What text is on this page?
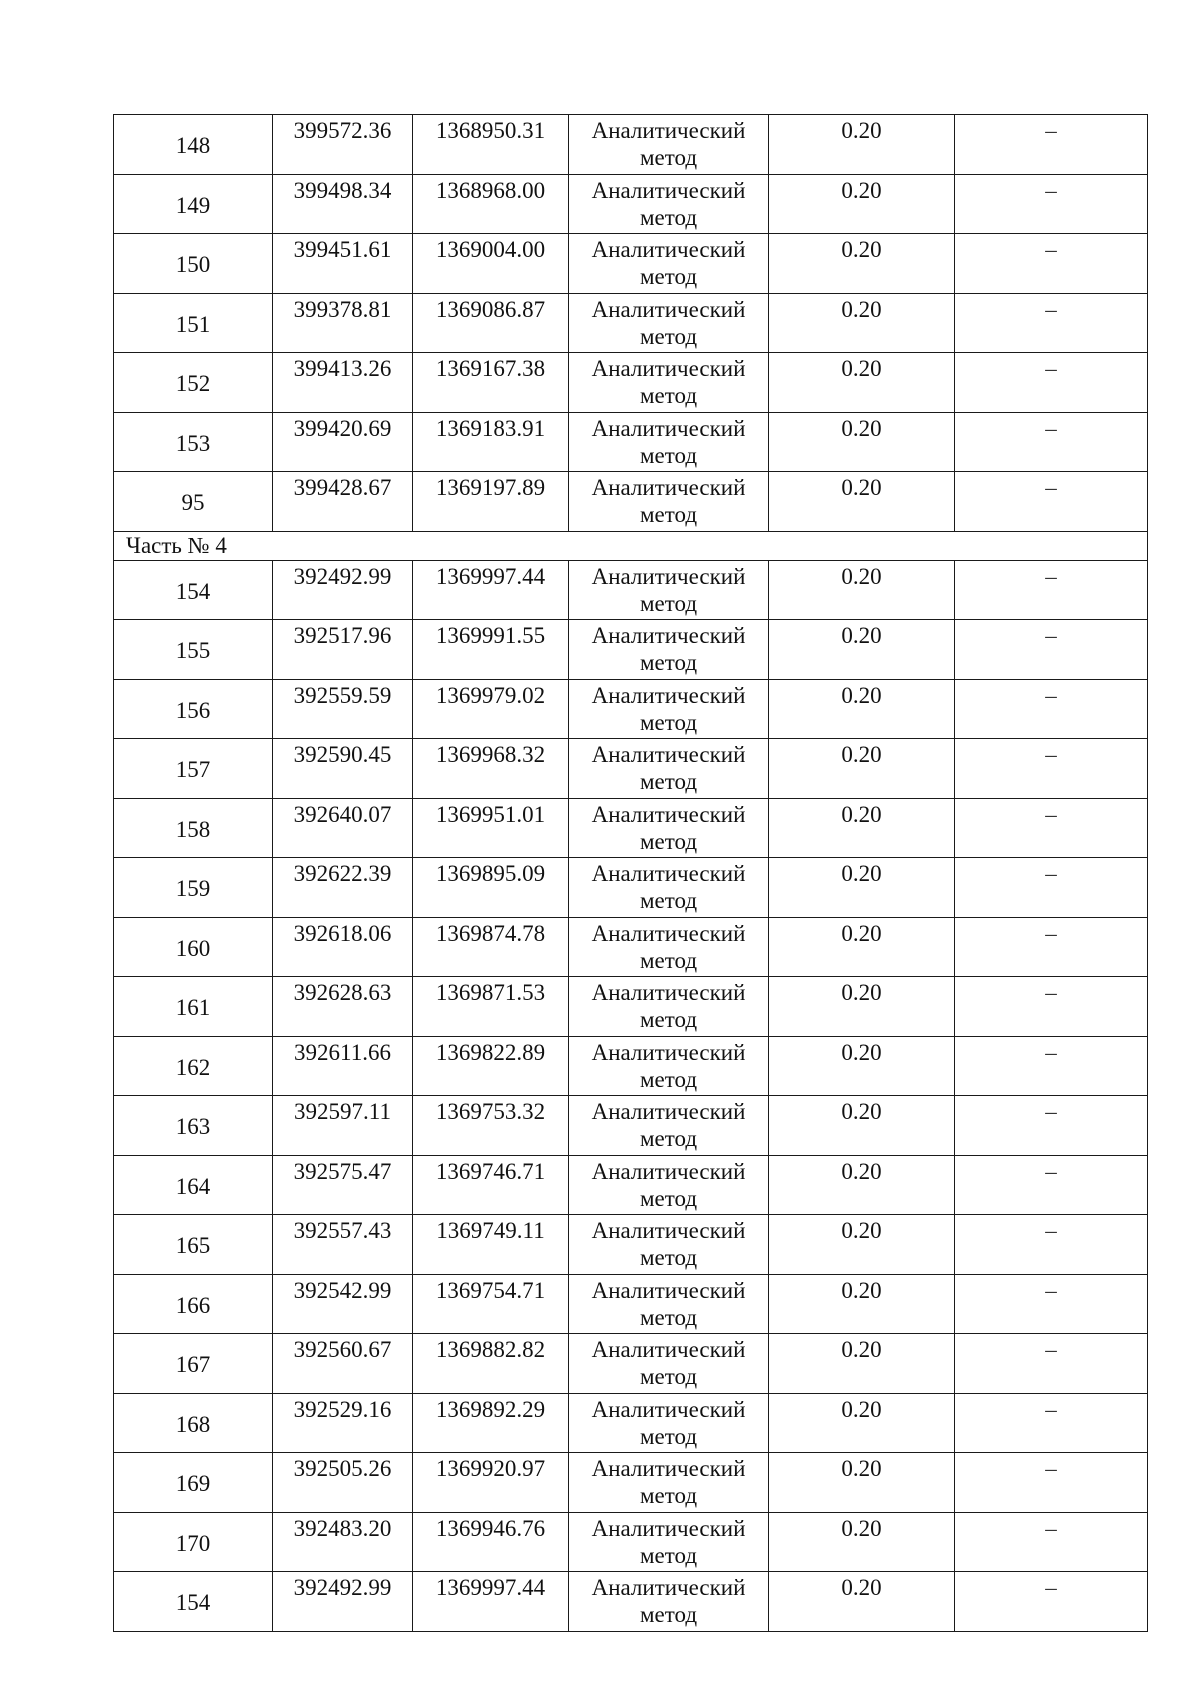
148	399572.36	1368950.31	Аналитический метод	0.20	–
149	399498.34	1368968.00	Аналитический метод	0.20	–
150	399451.61	1369004.00	Аналитический метод	0.20	–
151	399378.81	1369086.87	Аналитический метод	0.20	–
152	399413.26	1369167.38	Аналитический метод	0.20	–
153	399420.69	1369183.91	Аналитический метод	0.20	–
95	399428.67	1369197.89	Аналитический метод	0.20	–
Часть № 4					
154	392492.99	1369997.44	Аналитический метод	0.20	–
155	392517.96	1369991.55	Аналитический метод	0.20	–
156	392559.59	1369979.02	Аналитический метод	0.20	–
157	392590.45	1369968.32	Аналитический метод	0.20	–
158	392640.07	1369951.01	Аналитический метод	0.20	–
159	392622.39	1369895.09	Аналитический метод	0.20	–
160	392618.06	1369874.78	Аналитический метод	0.20	–
161	392628.63	1369871.53	Аналитический метод	0.20	–
162	392611.66	1369822.89	Аналитический метод	0.20	–
163	392597.11	1369753.32	Аналитический метод	0.20	–
164	392575.47	1369746.71	Аналитический метод	0.20	–
165	392557.43	1369749.11	Аналитический метод	0.20	–
166	392542.99	1369754.71	Аналитический метод	0.20	–
167	392560.67	1369882.82	Аналитический метод	0.20	–
168	392529.16	1369892.29	Аналитический метод	0.20	–
169	392505.26	1369920.97	Аналитический метод	0.20	–
170	392483.20	1369946.76	Аналитический метод	0.20	–
154	392492.99	1369997.44	Аналитический метод	0.20	–
